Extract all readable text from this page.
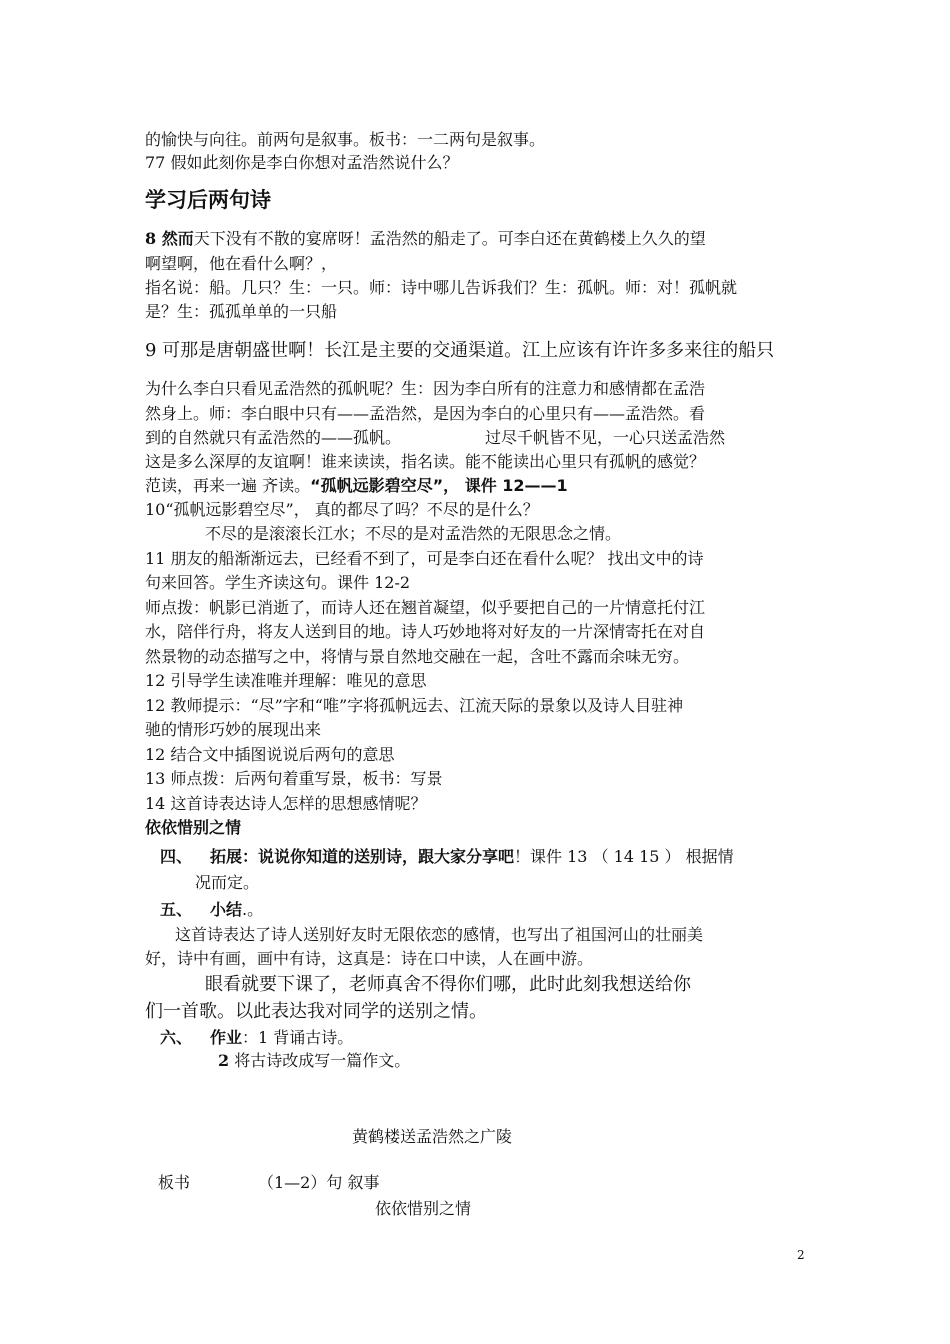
的愉快与向往。前两句是叙事。板书：一二两句是叙事。
77 假如此刻你是李白你想对孟浩然说什么？
学习后两句诗
8 然而天下没有不散的宴席呀！孟浩然的船走了。可李白还在黄鹤楼上久久的望
啊望啊，他在看什么啊？，
指名说：船。几只？生：一只。师：诗中哪儿告诉我们？生：孤帆。师：对！孤帆就
是？生：孤孤单单的一只船
9 可那是唐朝盛世啊！长江是主要的交通渠道。江上应该有许许多多来往的船只
为什么李白只看见孟浩然的孤帆呢？生：因为李白所有的注意力和感情都在孟浩
然身上。师：李白眼中只有——孟浩然，是因为李白的心里只有——孟浩然。看
到的自然就只有孟浩然的——孤帆。	过尽千帆皆不见，一心只送孟浩然
这是多么深厚的友谊啊！谁来读读，指名读。能不能读出心里只有孤帆的感觉？
范读，再来一遍 齐读。“孤帆远影碧空尽”， 课件 12——1
10“孤帆远影碧空尽”， 真的都尽了吗？不尽的是什么？
不尽的是滚滚长江水；不尽的是对孟浩然的无限思念之情。
11 朋友的船渐渐远去，已经看不到了，可是李白还在看什么呢？ 找出文中的诗
句来回答。学生齐读这句。课件 12-2
师点拨：帆影已消逝了，而诗人还在翘首凝望，似乎要把自己的一片情意托付江
水，陪伴行舟，将友人送到目的地。诗人巧妙地将对好友的一片深情寄托在对自
然景物的动态描写之中，将情与景自然地交融在一起，含吐不露而余味无穷。
12 引导学生读准唯并理解：唯见的意思
12 教师提示：“尽”字和“唯”字将孤帆远去、江流天际的景象以及诗人目驻神
驰的情形巧妙的展现出来
12 结合文中插图说说后两句的意思
13 师点拨：后两句着重写景，板书：写景
14 这首诗表达诗人怎样的思想感情呢？
依依惜别之情
四、 拓展：说说你知道的送别诗，跟大家分享吧！课件 13 （ 14 15 ） 根据情
况而定。
五、 小结.。
这首诗表达了诗人送别好友时无限依恋的感情，也写出了祖国河山的壮丽美
好，诗中有画，画中有诗，这真是：诗在口中读，人在画中游。
眼看就要下课了，老师真舍不得你们哪，此时此刻我想送给你
们一首歌。以此表达我对同学的送别之情。
六、 作业：1 背诵古诗。
2 将古诗改成写一篇作文。
黄鹤楼送孟浩然之广陵
板书	（1—2）句 叙事
依依惜别之情
2
